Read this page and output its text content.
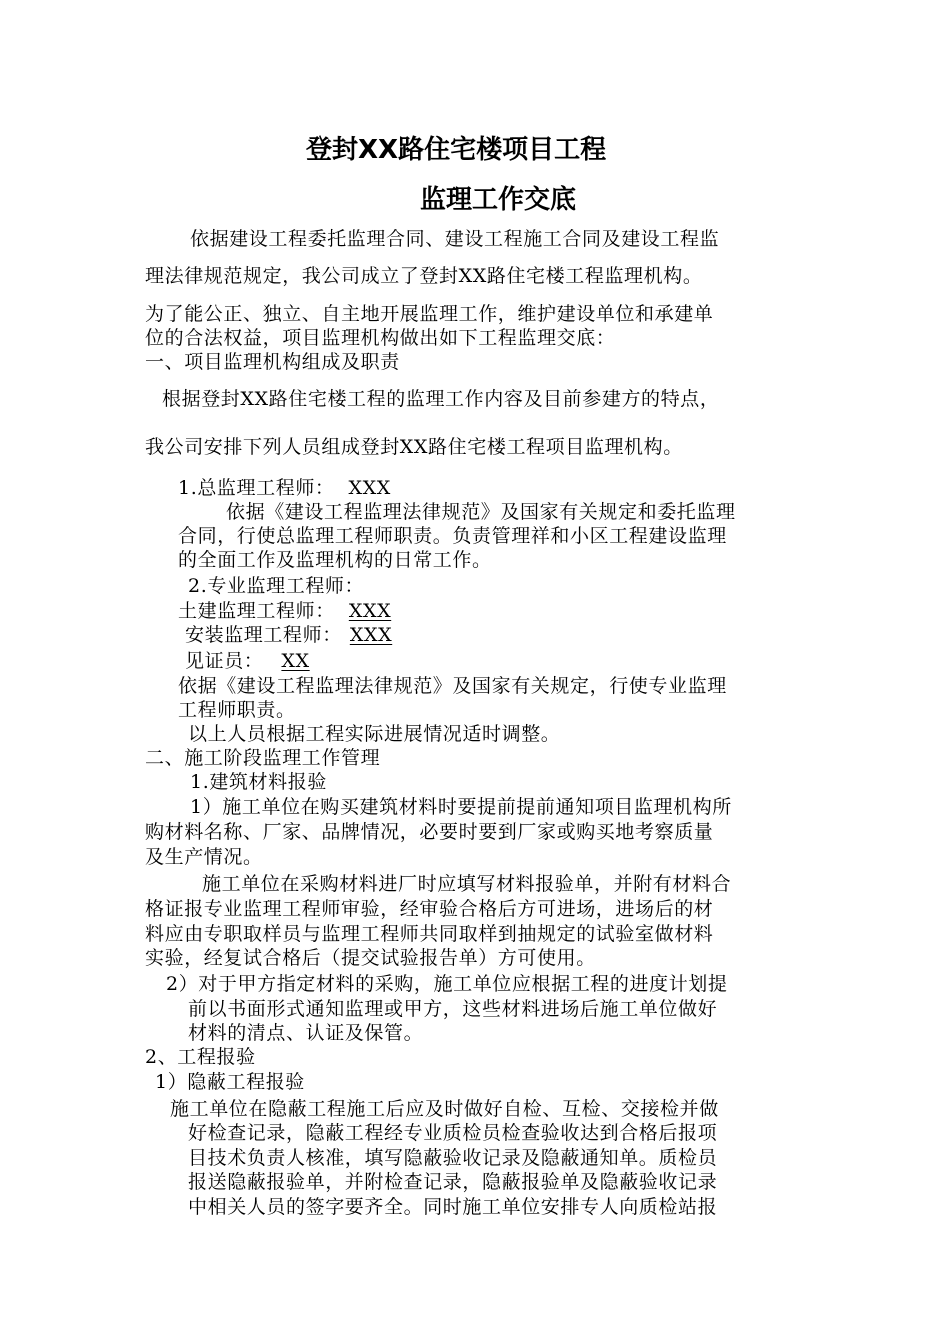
登封XX路住宅楼项目工程
监理工作交底
依据建设工程委托监理合同、建设工程施工合同及建设工程监
理法律规范规定，我公司成立了登封XX路住宅楼工程监理机构。
为了能公正、独立、自主地开展监理工作，维护建设单位和承建单
位的合法权益，项目监理机构做出如下工程监理交底：
一、项目监理机构组成及职责
根据登封XX路住宅楼工程的监理工作内容及目前参建方的特点，
我公司安排下列人员组成登封XX路住宅楼工程项目监理机构。
1.总监理工程师： XXX
依据《建设工程监理法律规范》及国家有关规定和委托监理
合同，行使总监理工程师职责。负责管理祥和小区工程建设监理
的全面工作及监理机构的日常工作。
2.专业监理工程师：
土建监理工程师： XXX
安装监理工程师： XXX
见证员： XX
依据《建设工程监理法律规范》及国家有关规定，行使专业监理
工程师职责。
以上人员根据工程实际进展情况适时调整。
二、施工阶段监理工作管理
1.建筑材料报验
1）施工单位在购买建筑材料时要提前提前通知项目监理机构所
购材料名称、厂家、品牌情况，必要时要到厂家或购买地考察质量
及生产情况。
施工单位在采购材料进厂时应填写材料报验单，并附有材料合
格证报专业监理工程师审验，经审验合格后方可进场，进场后的材
料应由专职取样员与监理工程师共同取样到抽规定的试验室做材料
实验，经复试合格后（提交试验报告单）方可使用。
2）对于甲方指定材料的采购，施工单位应根据工程的进度计划提
前以书面形式通知监理或甲方，这些材料进场后施工单位做好
材料的清点、认证及保管。
2、工程报验
1）隐蔽工程报验
施工单位在隐蔽工程施工后应及时做好自检、互检、交接检并做
好检查记录，隐蔽工程经专业质检员检查验收达到合格后报项
目技术负责人核准，填写隐蔽验收记录及隐蔽通知单。质检员
报送隐蔽报验单，并附检查记录，隐蔽报验单及隐蔽验收记录
中相关人员的签字要齐全。同时施工单位安排专人向质检站报
